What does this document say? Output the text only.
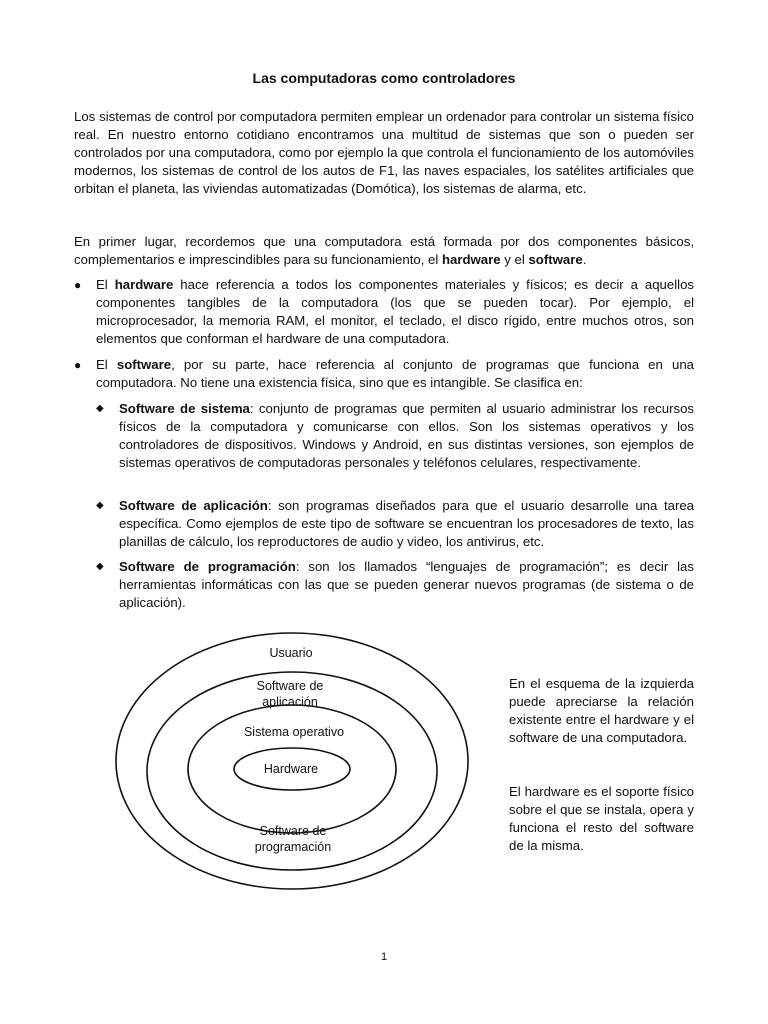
Las computadoras como controladores

Los sistemas de control por computadora permiten emplear un ordenador para controlar un sistema físico real. En nuestro entorno cotidiano encontramos una multitud de sistemas que son o pueden ser controlados por una computadora, como por ejemplo la que controla el funcionamiento de los automóviles modernos, los sistemas de control de los autos de F1, las naves espaciales, los satélites artificiales que orbitan el planeta, las viviendas automatizadas (Domótica), los sistemas de alarma, etc.

En primer lugar, recordemos que una computadora está formada por dos componentes básicos, complementarios e imprescindibles para su funcionamiento, el hardware y el software.

●	El hardware hace referencia a todos los componentes materiales y físicos; es decir a aquellos componentes tangibles de la computadora (los que se pueden tocar). Por ejemplo, el microprocesador, la memoria RAM, el monitor, el teclado, el disco rígido, entre muchos otros, son elementos que conforman el hardware de una computadora.
●	El software, por su parte, hace referencia al conjunto de programas que funciona en una computadora. No tiene una existencia física, sino que es intangible. Se clasifica en:
◆ Software de sistema: conjunto de programas que permiten al usuario administrar los recursos físicos de la computadora y comunicarse con ellos. Son los sistemas operativos y los controladores de dispositivos. Windows y Android, en sus distintas versiones, son ejemplos de sistemas operativos de computadoras personales y teléfonos celulares, respectivamente.
◆ Software de aplicación: son programas diseñados para que el usuario desarrolle una tarea específica. Como ejemplos de este tipo de software se encuentran los procesadores de texto, las planillas de cálculo, los reproductores de audio y video, los antivirus, etc.
◆ Software de programación: son los llamados “lenguajes de programación”; es decir las herramientas informáticas con las que se pueden generar nuevos programas (de sistema o de aplicación).
Usuario
Software de
aplicación
Sistema operativo
Hardware
Software de
programación

En el esquema de la izquierda puede apreciarse la relación existente entre el hardware y el software de una computadora.

El hardware es el soporte físico sobre el que se instala, opera y funciona el resto del software de la misma.

1
